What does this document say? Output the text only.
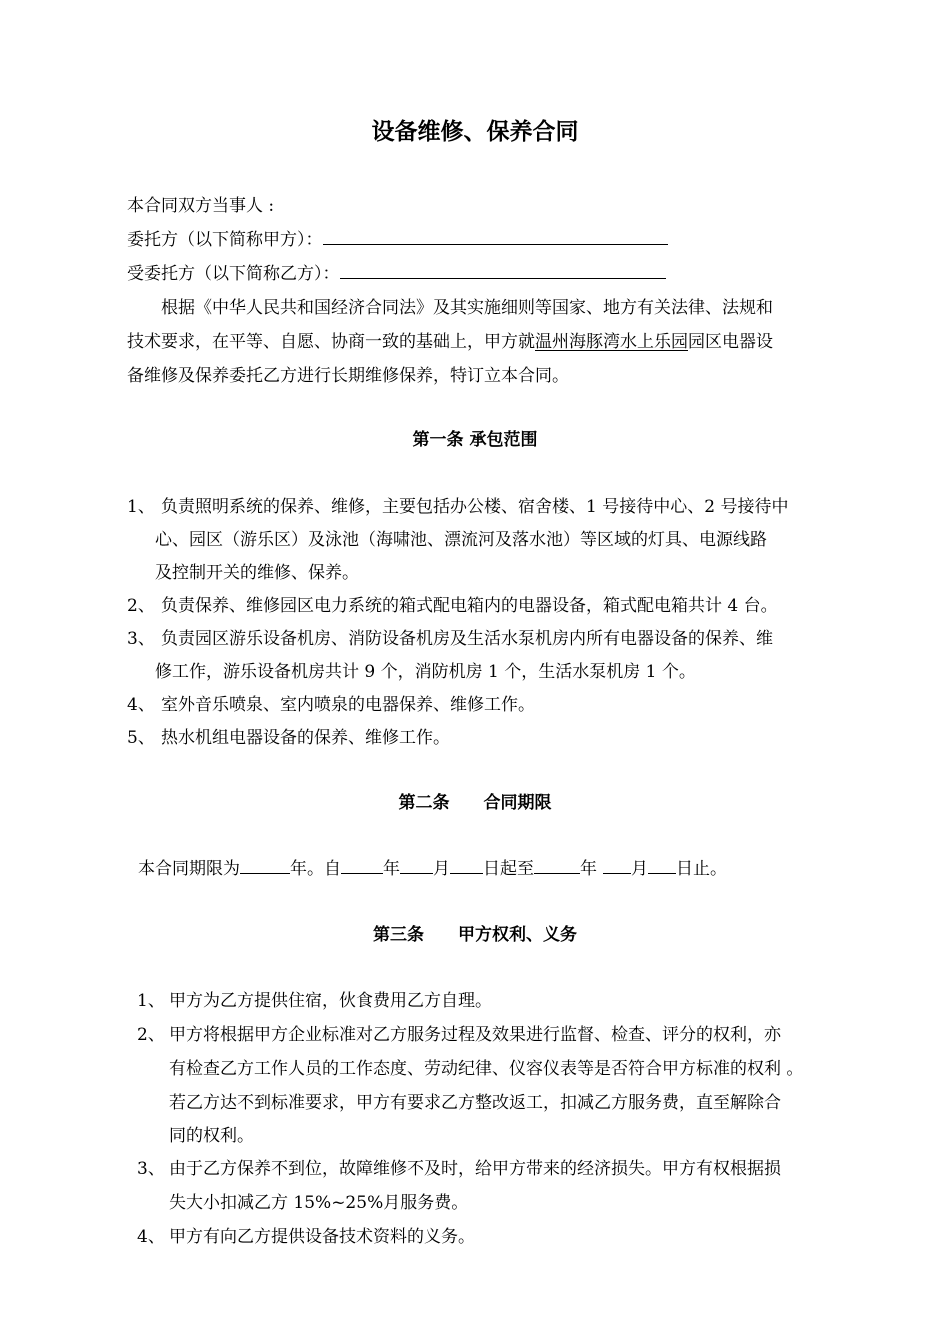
设备维修、保养合同
本合同双方当事人 :
委托方（以下简称甲方）：
受委托方（以下简称乙方）：
根据《中华人民共和国经济合同法》及其实施细则等国家、地方有关法律、法规和
技术要求，在平等、自愿、协商一致的基础上，甲方就温州海豚湾水上乐园园区电器设
备维修及保养委托乙方进行长期维修保养，特订立本合同。
第一条 承包范围
1、 负责照明系统的保养、维修，主要包括办公楼、宿舍楼、1 号接待中心、2 号接待中
心、园区（游乐区）及泳池（海啸池、漂流河及落水池）等区域的灯具、电源线路
及控制开关的维修、保养。
2、 负责保养、维修园区电力系统的箱式配电箱内的电器设备，箱式配电箱共计 4 台。
3、 负责园区游乐设备机房、消防设备机房及生活水泵机房内所有电器设备的保养、维
修工作，游乐设备机房共计 9 个，消防机房 1 个，生活水泵机房 1 个。
4、 室外音乐喷泉、室内喷泉的电器保养、维修工作。
5、 热水机组电器设备的保养、维修工作。
第二条 合同期限
本合同期限为	年。自 年 月 日起至	年 月 日止。
第三条 甲方权利、义务
1、 甲方为乙方提供住宿，伙食费用乙方自理。
2、 甲方将根据甲方企业标准对乙方服务过程及效果进行监督、检查、评分的权利，亦
有检查乙方工作人员的工作态度、劳动纪律、仪容仪表等是否符合甲方标准的权利 。
若乙方达不到标准要求，甲方有要求乙方整改返工，扣减乙方服务费，直至解除合
同的权利。
3、 由于乙方保养不到位，故障维修不及时，给甲方带来的经济损失。甲方有权根据损
失大小扣减乙方 15%~25%月服务费。
4、 甲方有向乙方提供设备技术资料的义务。
